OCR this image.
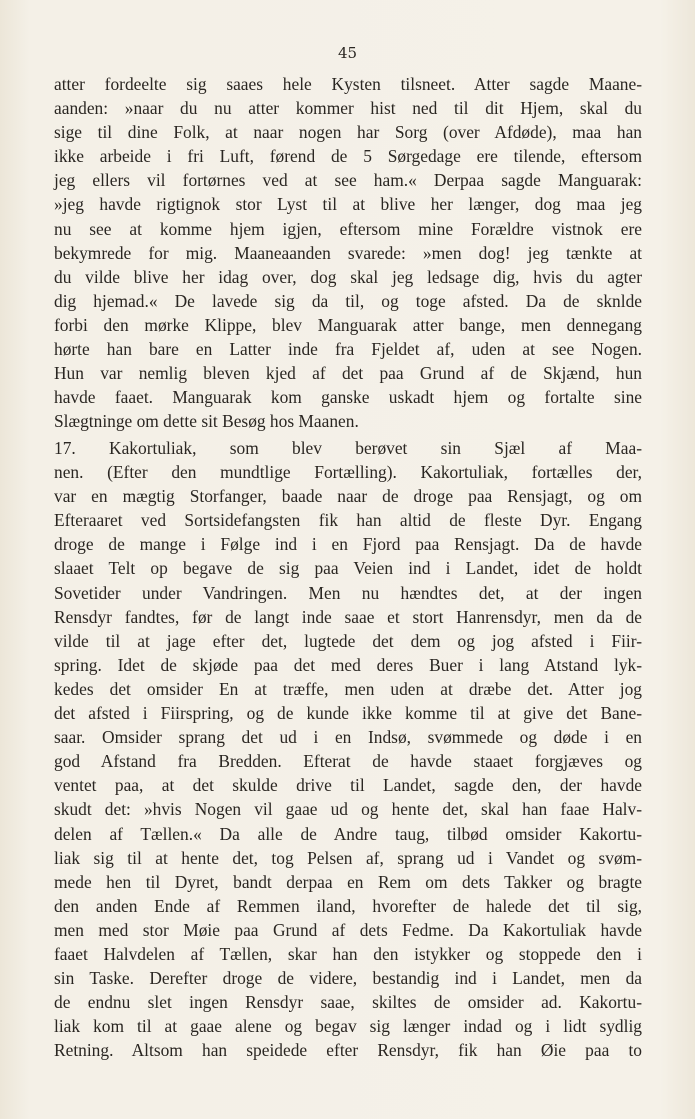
45
atter fordeelte sig saaes hele Kysten tilsneet. Atter sagde Maane-
aanden: »naar du nu atter kommer hist ned til dit Hjem, skal du
sige til dine Folk, at naar nogen har Sorg (over Afdøde), maa han
ikke arbeide i fri Luft, førend de 5 Sørgedage ere tilende, eftersom
jeg ellers vil fortørnes ved at see ham.« Derpaa sagde Manguarak:
»jeg havde rigtignok stor Lyst til at blive her længer, dog maa jeg
nu see at komme hjem igjen, eftersom mine Forældre vistnok ere
bekymrede for mig. Maaneaanden svarede: »men dog! jeg tænkte at
du vilde blive her idag over, dog skal jeg ledsage dig, hvis du agter
dig hjemad.« De lavede sig da til, og toge afsted. Da de sknlde
forbi den mørke Klippe, blev Manguarak atter bange, men dennegang
hørte han bare en Latter inde fra Fjeldet af, uden at see Nogen.
Hun var nemlig bleven kjed af det paa Grund af de Skjænd, hun
havde faaet. Manguarak kom ganske uskadt hjem og fortalte sine
Slægtninge om dette sit Besøg hos Maanen.
17. Kakortuliak, som blev berøvet sin Sjæl af Maa-
nen. (Efter den mundtlige Fortælling). Kakortuliak, fortælles der,
var en mægtig Storfanger, baade naar de droge paa Rensjagt, og om
Efteraaret ved Sortsidefangsten fik han altid de fleste Dyr. Engang
droge de mange i Følge ind i en Fjord paa Rensjagt. Da de havde
slaaet Telt op begave de sig paa Veien ind i Landet, idet de holdt
Sovetider under Vandringen. Men nu hændtes det, at der ingen
Rensdyr fandtes, før de langt inde saae et stort Hanrensdyr, men da de
vilde til at jage efter det, lugtede det dem og jog afsted i Fiir-
spring. Idet de skjøde paa det med deres Buer i lang Atstand lyk-
kedes det omsider En at træffe, men uden at dræbe det. Atter jog
det afsted i Fiirspring, og de kunde ikke komme til at give det Bane-
saar. Omsider sprang det ud i en Indsø, svømmede og døde i en
god Afstand fra Bredden. Efterat de havde staaet forgjæves og
ventet paa, at det skulde drive til Landet, sagde den, der havde
skudt det: »hvis Nogen vil gaae ud og hente det, skal han faae Halv-
delen af Tællen.« Da alle de Andre taug, tilbød omsider Kakortu-
liak sig til at hente det, tog Pelsen af, sprang ud i Vandet og svøm-
mede hen til Dyret, bandt derpaa en Rem om dets Takker og bragte
den anden Ende af Remmen iland, hvorefter de halede det til sig,
men med stor Møie paa Grund af dets Fedme. Da Kakortuliak havde
faaet Halvdelen af Tællen, skar han den istykker og stoppede den i
sin Taske. Derefter droge de videre, bestandig ind i Landet, men da
de endnu slet ingen Rensdyr saae, skiltes de omsider ad. Kakortu-
liak kom til at gaae alene og begav sig længer indad og i lidt sydlig
Retning. Altsom han speidede efter Rensdyr, fik han Øie paa to
